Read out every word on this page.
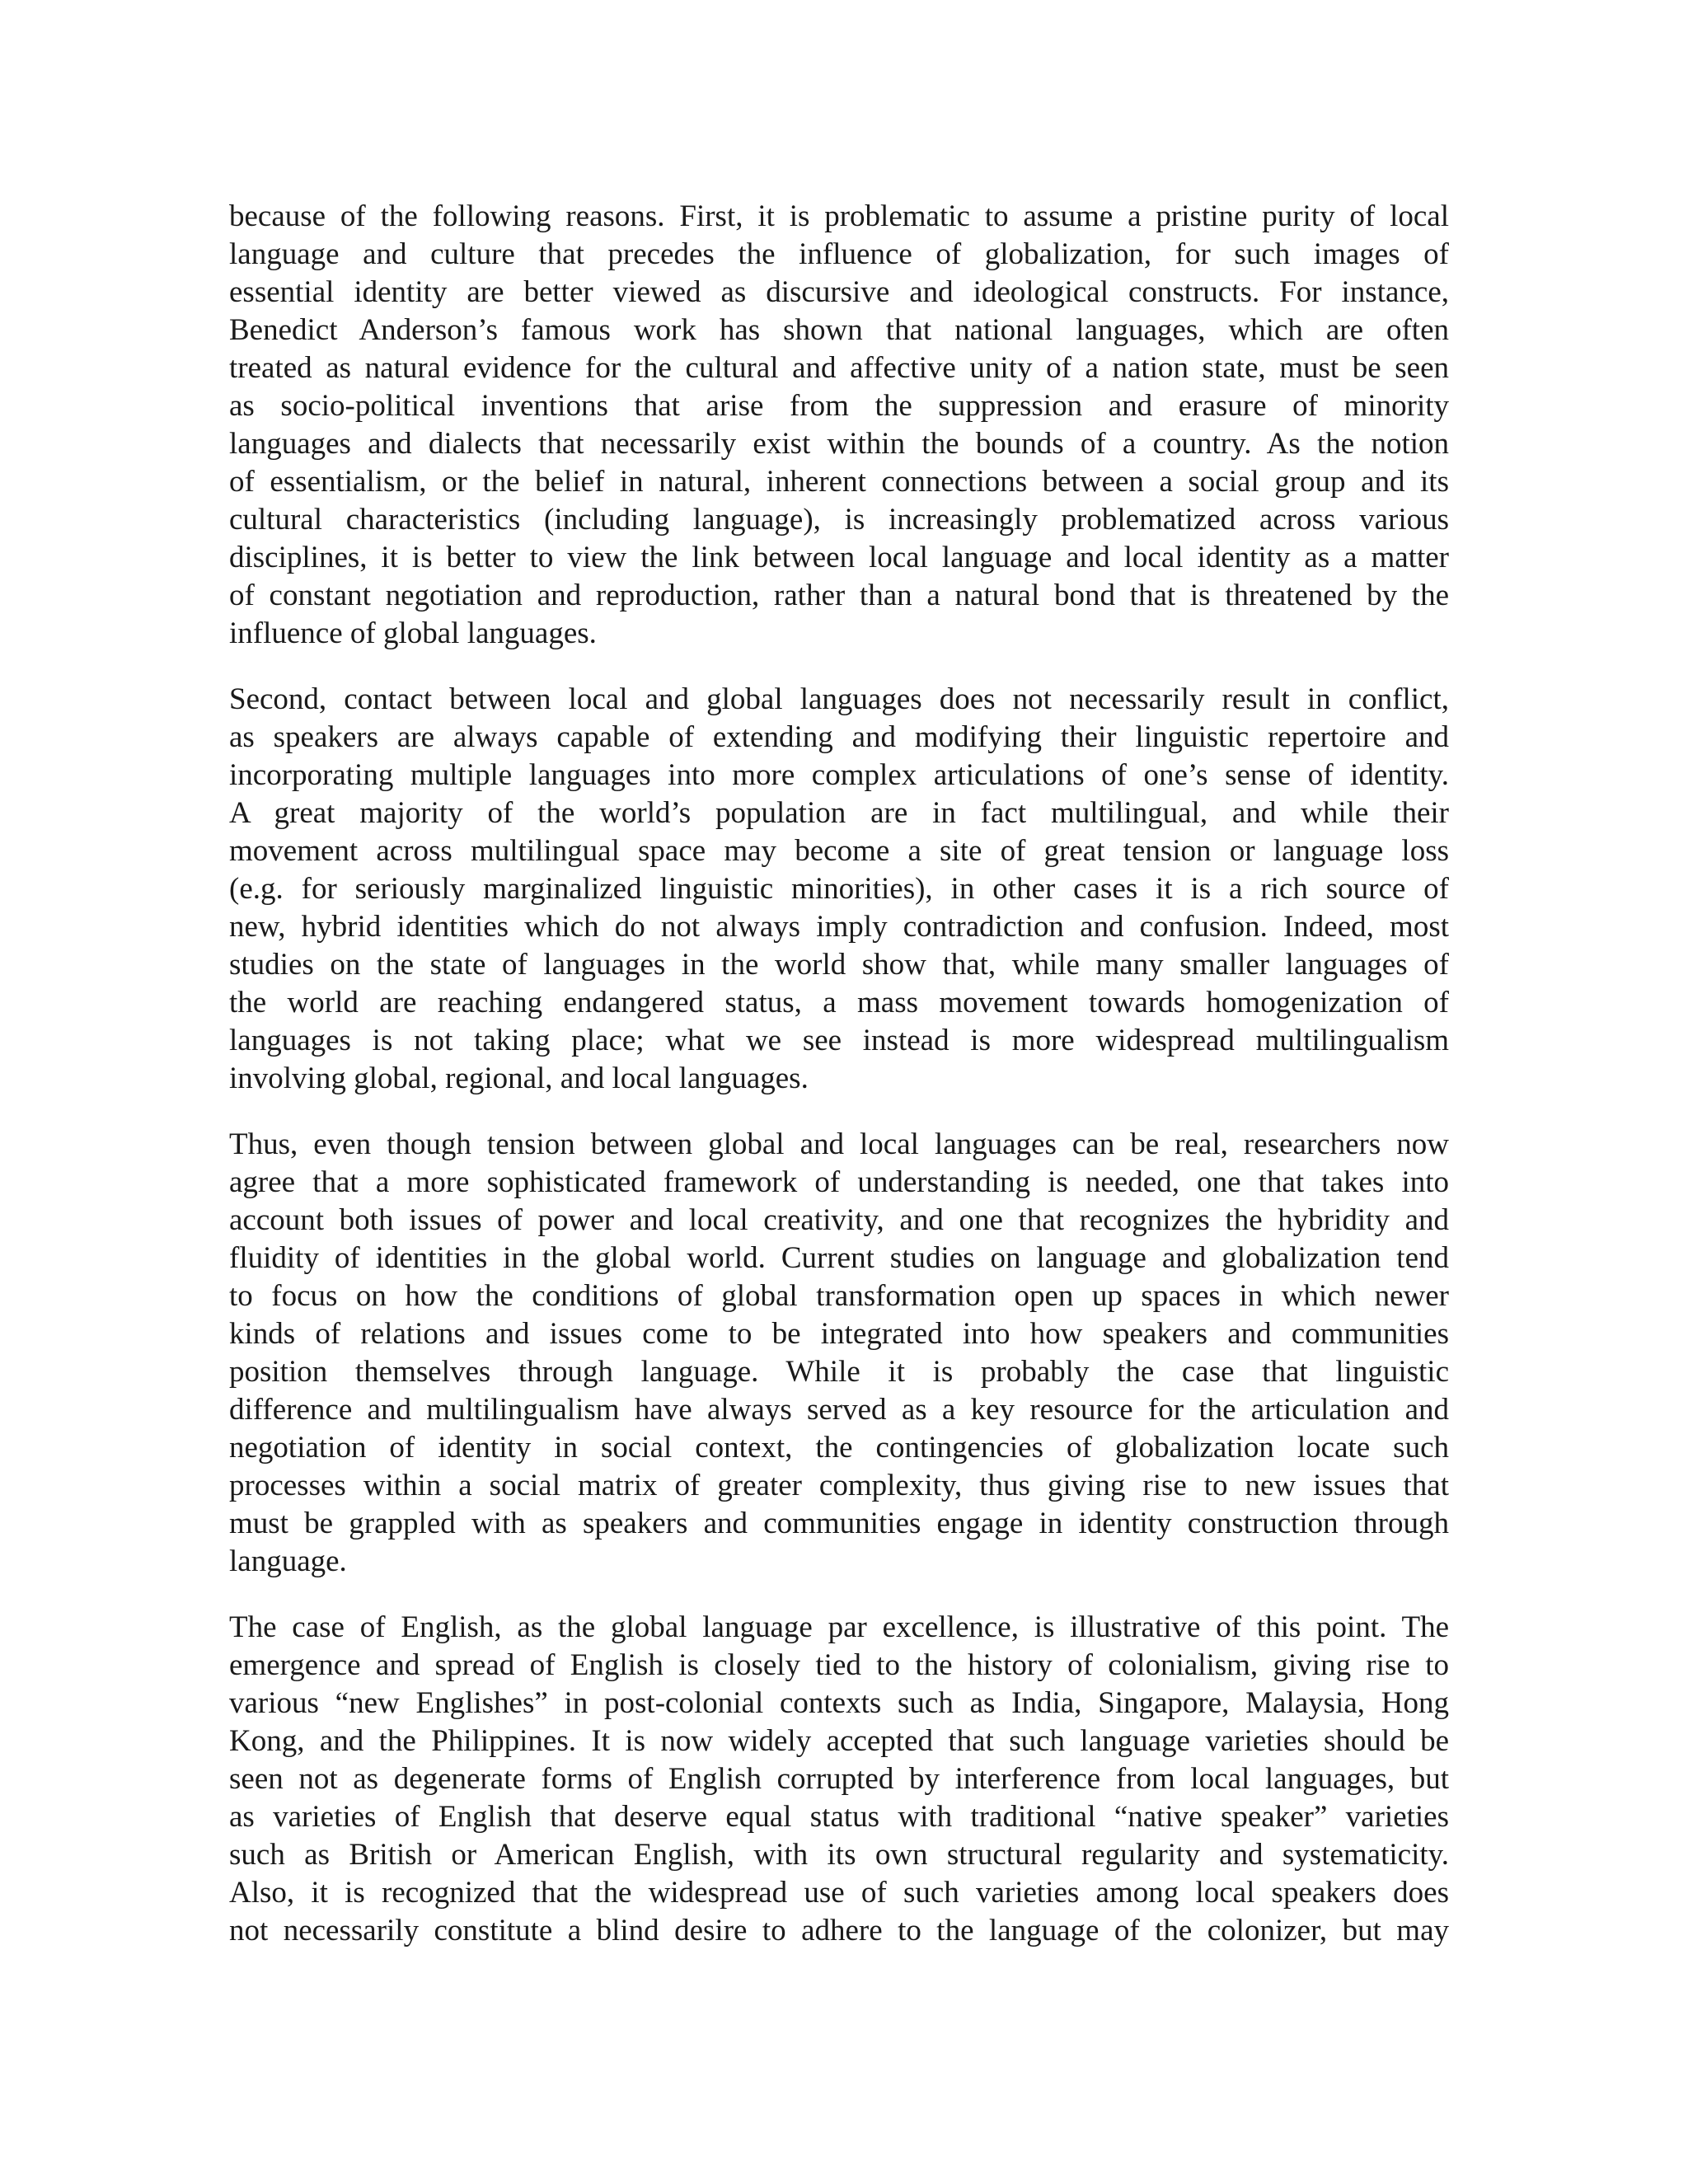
because of the following reasons. First, it is problematic to assume a pristine purity of local
language and culture that precedes the influence of globalization, for such images of
essential identity are better viewed as discursive and ideological constructs. For instance,
Benedict Anderson’s famous work has shown that national languages, which are often
treated as natural evidence for the cultural and affective unity of a nation state, must be seen
as socio-political inventions that arise from the suppression and erasure of minority
languages and dialects that necessarily exist within the bounds of a country. As the notion
of essentialism, or the belief in natural, inherent connections between a social group and its
cultural characteristics (including language), is increasingly problematized across various
disciplines, it is better to view the link between local language and local identity as a matter
of constant negotiation and reproduction, rather than a natural bond that is threatened by the
influence of global languages.
Second, contact between local and global languages does not necessarily result in conflict,
as speakers are always capable of extending and modifying their linguistic repertoire and
incorporating multiple languages into more complex articulations of one’s sense of identity.
A great majority of the world’s population are in fact multilingual, and while their
movement across multilingual space may become a site of great tension or language loss
(e.g. for seriously marginalized linguistic minorities), in other cases it is a rich source of
new, hybrid identities which do not always imply contradiction and confusion. Indeed, most
studies on the state of languages in the world show that, while many smaller languages of
the world are reaching endangered status, a mass movement towards homogenization of
languages is not taking place; what we see instead is more widespread multilingualism
involving global, regional, and local languages.
Thus, even though tension between global and local languages can be real, researchers now
agree that a more sophisticated framework of understanding is needed, one that takes into
account both issues of power and local creativity, and one that recognizes the hybridity and
fluidity of identities in the global world. Current studies on language and globalization tend
to focus on how the conditions of global transformation open up spaces in which newer
kinds of relations and issues come to be integrated into how speakers and communities
position themselves through language. While it is probably the case that linguistic
difference and multilingualism have always served as a key resource for the articulation and
negotiation of identity in social context, the contingencies of globalization locate such
processes within a social matrix of greater complexity, thus giving rise to new issues that
must be grappled with as speakers and communities engage in identity construction through
language.
The case of English, as the global language par excellence, is illustrative of this point. The
emergence and spread of English is closely tied to the history of colonialism, giving rise to
various “new Englishes” in post-colonial contexts such as India, Singapore, Malaysia, Hong
Kong, and the Philippines. It is now widely accepted that such language varieties should be
seen not as degenerate forms of English corrupted by interference from local languages, but
as varieties of English that deserve equal status with traditional “native speaker” varieties
such as British or American English, with its own structural regularity and systematicity.
Also, it is recognized that the widespread use of such varieties among local speakers does
not necessarily constitute a blind desire to adhere to the language of the colonizer, but may
